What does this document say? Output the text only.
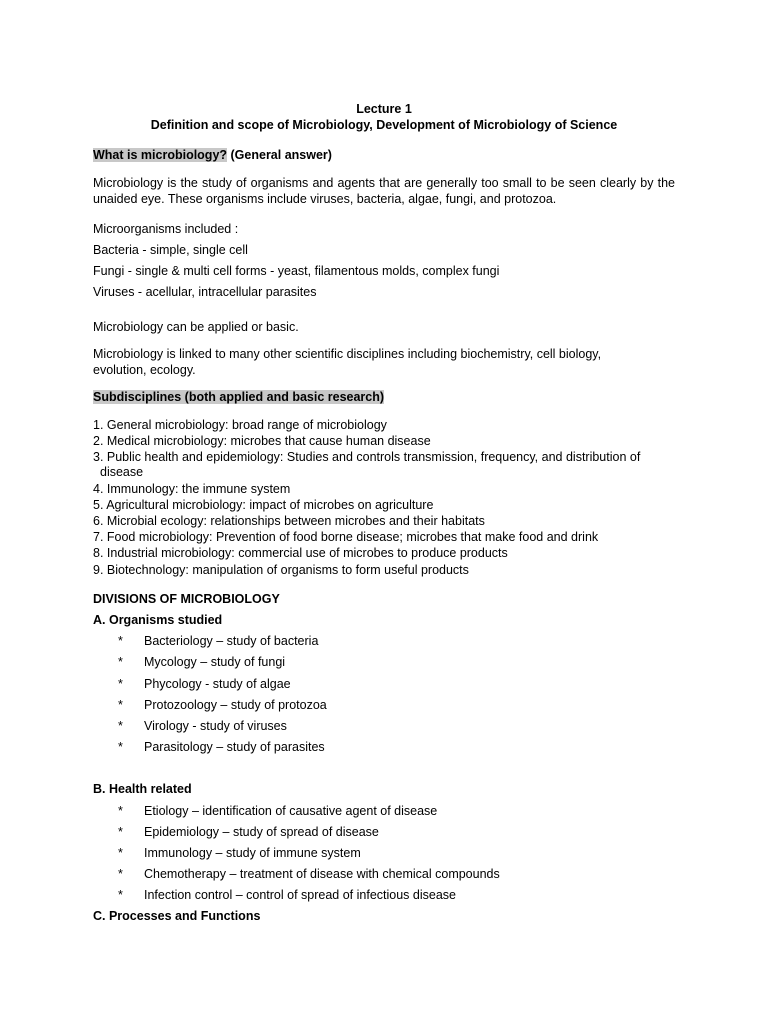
Lecture 1
Definition and scope of Microbiology, Development of Microbiology of Science
What is microbiology? (General answer)
Microbiology is the study of organisms and agents that are generally too small to be seen clearly by the unaided eye. These organisms include viruses, bacteria, algae, fungi, and protozoa.
Microorganisms included :
Bacteria - simple, single cell
Fungi - single & multi cell forms - yeast, filamentous molds, complex fungi
Viruses - acellular, intracellular parasites
Microbiology can be applied or basic.
Microbiology is linked to many other scientific disciplines including biochemistry, cell biology, evolution, ecology.
Subdisciplines (both applied and basic research)
1. General microbiology: broad range of microbiology
2. Medical microbiology: microbes that cause human disease
3. Public health and epidemiology: Studies and controls transmission, frequency, and distribution of
disease
4. Immunology: the immune system
5. Agricultural microbiology: impact of microbes on agriculture
6. Microbial ecology: relationships between microbes and their habitats
7. Food microbiology: Prevention of food borne disease; microbes that make food and drink
8. Industrial microbiology: commercial use of microbes to produce products
9. Biotechnology: manipulation of organisms to form useful products
DIVISIONS OF MICROBIOLOGY
A. Organisms studied
* Bacteriology – study of bacteria
* Mycology – study of fungi
* Phycology - study of algae
* Protozoology – study of protozoa
* Virology - study of viruses
* Parasitology – study of parasites
B. Health related
* Etiology – identification of causative agent of disease
* Epidemiology – study of spread of disease
* Immunology – study of immune system
* Chemotherapy – treatment of disease with chemical compounds
* Infection control – control of spread of infectious disease
C. Processes and Functions
